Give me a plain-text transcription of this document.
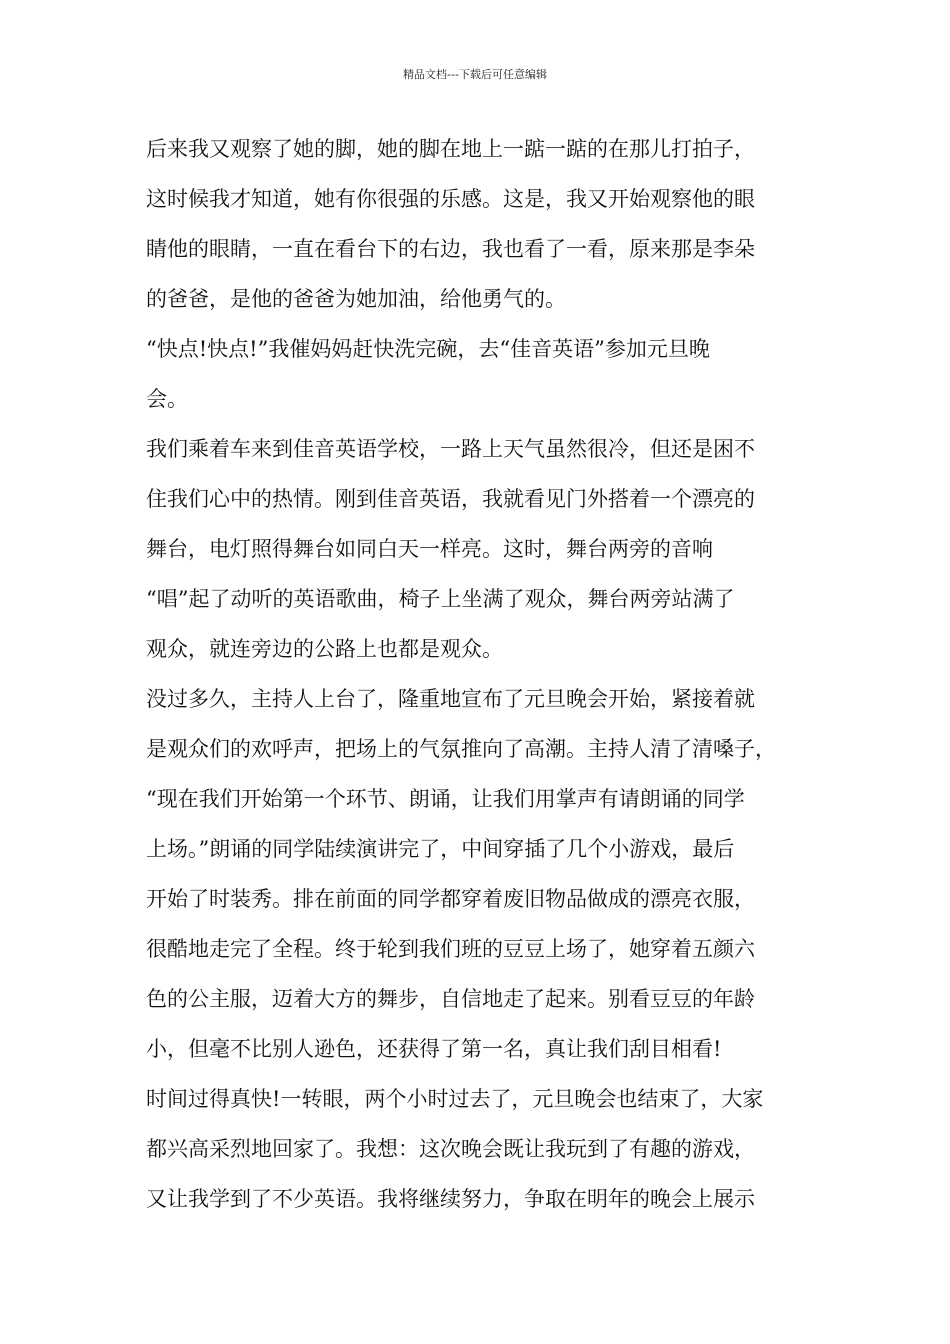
精品文档---下载后可任意编辑
后来我又观察了她的脚，她的脚在地上一踮一踮的在那儿打拍子，
这时候我才知道，她有你很强的乐感。这是，我又开始观察他的眼
睛他的眼睛，一直在看台下的右边，我也看了一看，原来那是李朵
的爸爸，是他的爸爸为她加油，给他勇气的。
“快点!快点!”我催妈妈赶快洗完碗，去“佳音英语”参加元旦晚
会。
我们乘着车来到佳音英语学校，一路上天气虽然很冷，但还是困不
住我们心中的热情。刚到佳音英语，我就看见门外搭着一个漂亮的
舞台，电灯照得舞台如同白天一样亮。这时，舞台两旁的音响
“唱”起了动听的英语歌曲，椅子上坐满了观众，舞台两旁站满了
观众，就连旁边的公路上也都是观众。
没过多久，主持人上台了，隆重地宣布了元旦晚会开始，紧接着就
是观众们的欢呼声，把场上的气氛推向了高潮。主持人清了清嗓子，
“现在我们开始第一个环节、朗诵，让我们用掌声有请朗诵的同学
上场。”朗诵的同学陆续演讲完了，中间穿插了几个小游戏，最后
开始了时装秀。排在前面的同学都穿着废旧物品做成的漂亮衣服，
很酷地走完了全程。终于轮到我们班的豆豆上场了，她穿着五颜六
色的公主服，迈着大方的舞步，自信地走了起来。别看豆豆的年龄
小，但毫不比别人逊色，还获得了第一名，真让我们刮目相看!
时间过得真快!一转眼，两个小时过去了，元旦晚会也结束了，大家
都兴高采烈地回家了。我想：这次晚会既让我玩到了有趣的游戏，
又让我学到了不少英语。我将继续努力，争取在明年的晚会上展示
